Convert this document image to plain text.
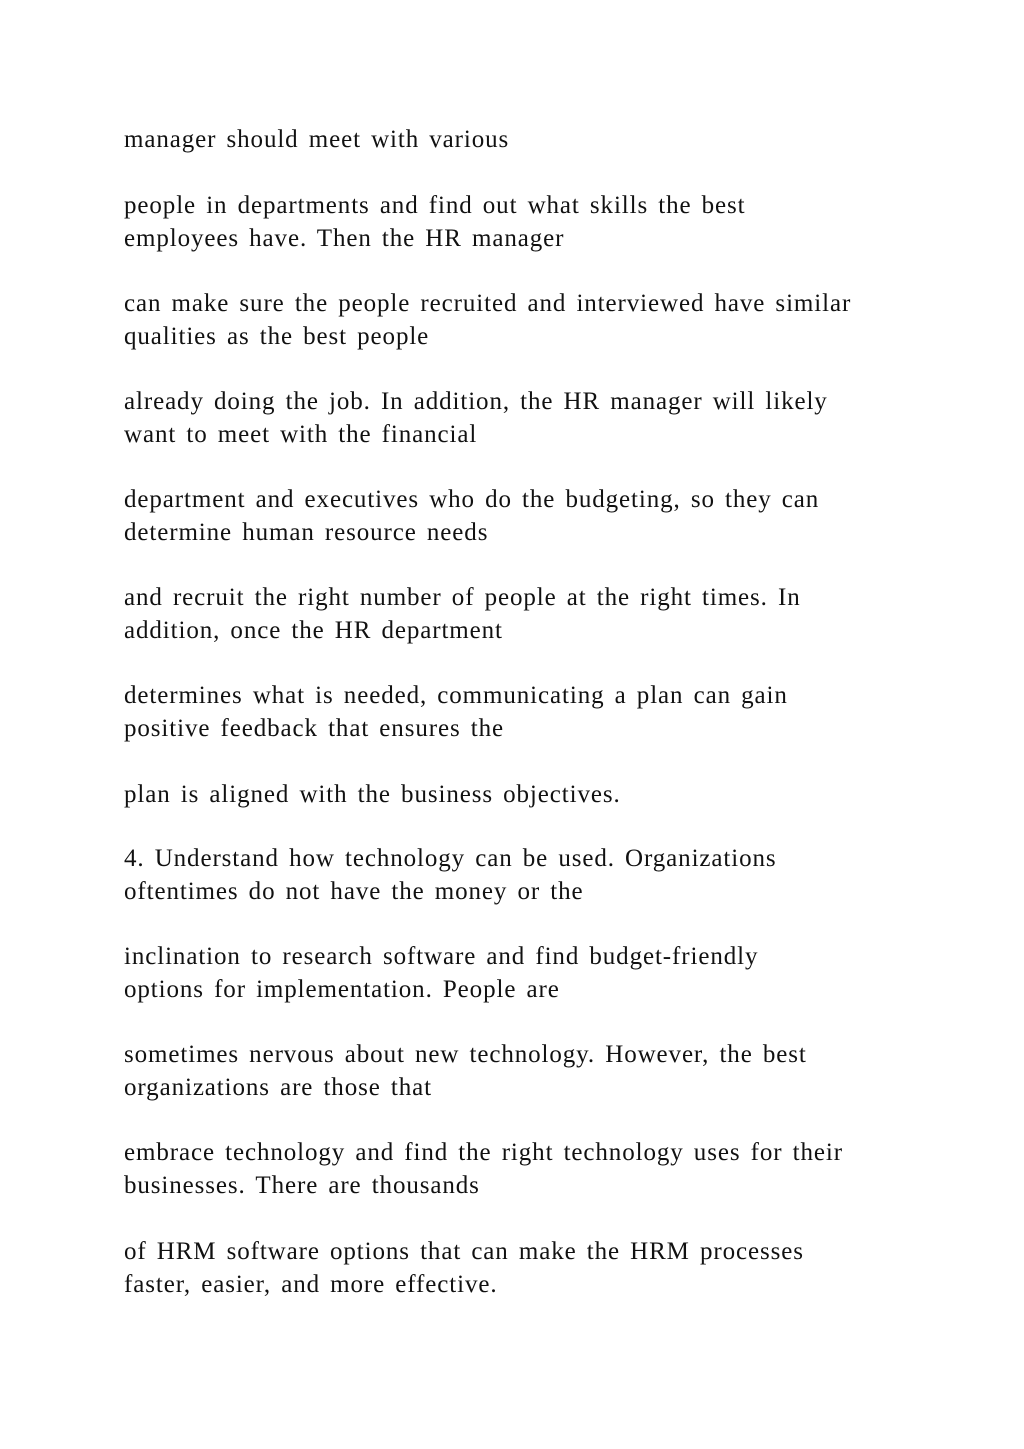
manager should meet with various

people in departments and find out what skills the best
employees have. Then the HR manager

can make sure the people recruited and interviewed have similar
qualities as the best people

already doing the job. In addition, the HR manager will likely
want to meet with the financial

department and executives who do the budgeting, so they can
determine human resource needs

and recruit the right number of people at the right times. In
addition, once the HR department

determines what is needed, communicating a plan can gain
positive feedback that ensures the

plan is aligned with the business objectives.

4. Understand how technology can be used. Organizations
oftentimes do not have the money or the

inclination to research software and find budget-friendly
options for implementation. People are

sometimes nervous about new technology. However, the best
organizations are those that

embrace technology and find the right technology uses for their
businesses. There are thousands

of HRM software options that can make the HRM processes
faster, easier, and more effective.
